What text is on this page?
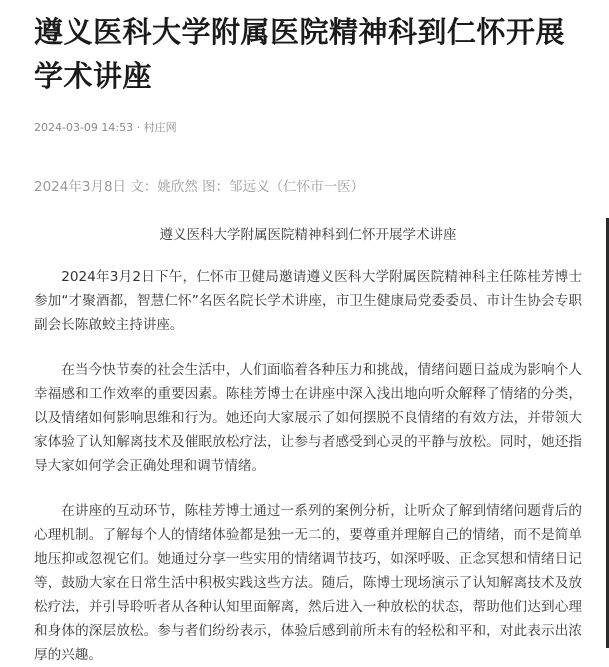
遵义医科大学附属医院精神科到仁怀开展
学术讲座
2024-03-09 14:53 · 村庄网
2024年3月8日 文：姚欣然 图：邹远义（仁怀市一医）
遵义医科大学附属医院精神科到仁怀开展学术讲座

2024年3月2日下午，仁怀市卫健局邀请遵义医科大学附属医院精神科主任陈桂芳博士参加“才聚酒都，智慧仁怀”名医名院长学术讲座，市卫生健康局党委委员、市计生协会专职副会长陈啟蛟主持讲座。

在当今快节奏的社会生活中，人们面临着各种压力和挑战，情绪问题日益成为影响个人幸福感和工作效率的重要因素。陈桂芳博士在讲座中深入浅出地向听众解释了情绪的分类，以及情绪如何影响思维和行为。她还向大家展示了如何摆脱不良情绪的有效方法，并带领大家体验了认知解离技术及催眠放松疗法，让参与者感受到心灵的平静与放松。同时，她还指导大家如何学会正确处理和调节情绪。

在讲座的互动环节，陈桂芳博士通过一系列的案例分析，让听众了解到情绪问题背后的心理机制。了解每个人的情绪体验都是独一无二的，要尊重并理解自己的情绪，而不是简单地压抑或忽视它们。她通过分享一些实用的情绪调节技巧，如深呼吸、正念冥想和情绪日记等，鼓励大家在日常生活中积极实践这些方法。随后，陈博士现场演示了认知解离技术及放松疗法，并引导聆听者从各种认知里面解离，然后进入一种放松的状态，帮助他们达到心理和身体的深层放松。参与者们纷纷表示，体验后感到前所未有的轻松和平和，对此表示出浓厚的兴趣。
